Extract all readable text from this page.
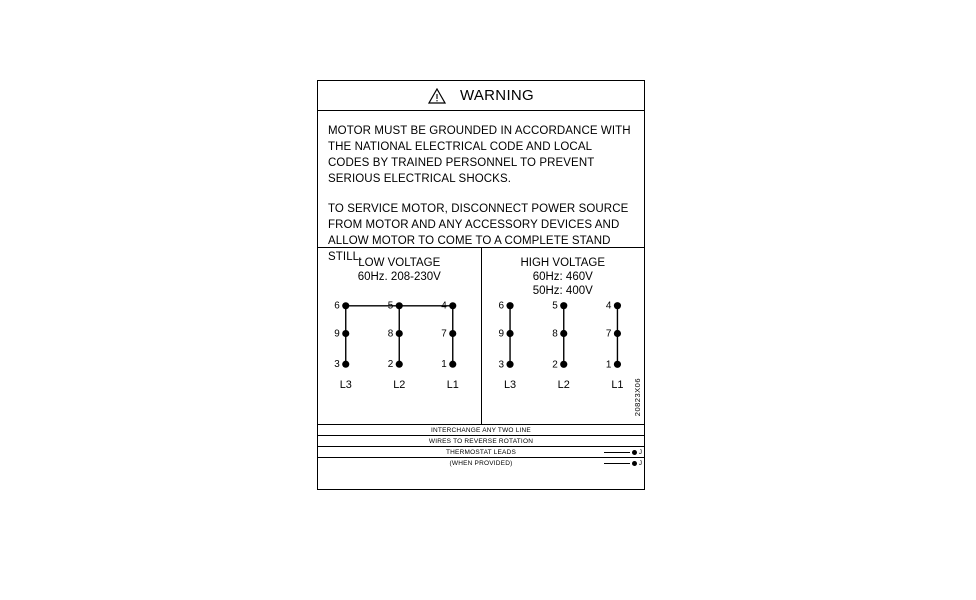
WARNING

MOTOR MUST BE GROUNDED IN ACCORDANCE WITH THE NATIONAL ELECTRICAL CODE AND LOCAL CODES BY TRAINED PERSONNEL TO PREVENT SERIOUS ELECTRICAL SHOCKS.

TO SERVICE MOTOR, DISCONNECT POWER SOURCE FROM MOTOR AND ANY ACCESSORY DEVICES AND ALLOW MOTOR TO COME TO A COMPLETE STAND STILL.

LOW VOLTAGE
60Hz. 208-230V
6	5	4
9	8	7
3	2	1
L3	L2	L1
HIGH VOLTAGE
60Hz: 460V
50Hz: 400V
6	5	4
9	8	7
3	2	1
L3	L2	L1 20823X06
INTERCHANGE ANY TWO LINE
WIRES TO REVERSE ROTATION
THERMOSTAT LEADS	J
(WHEN PROVIDED)	J
